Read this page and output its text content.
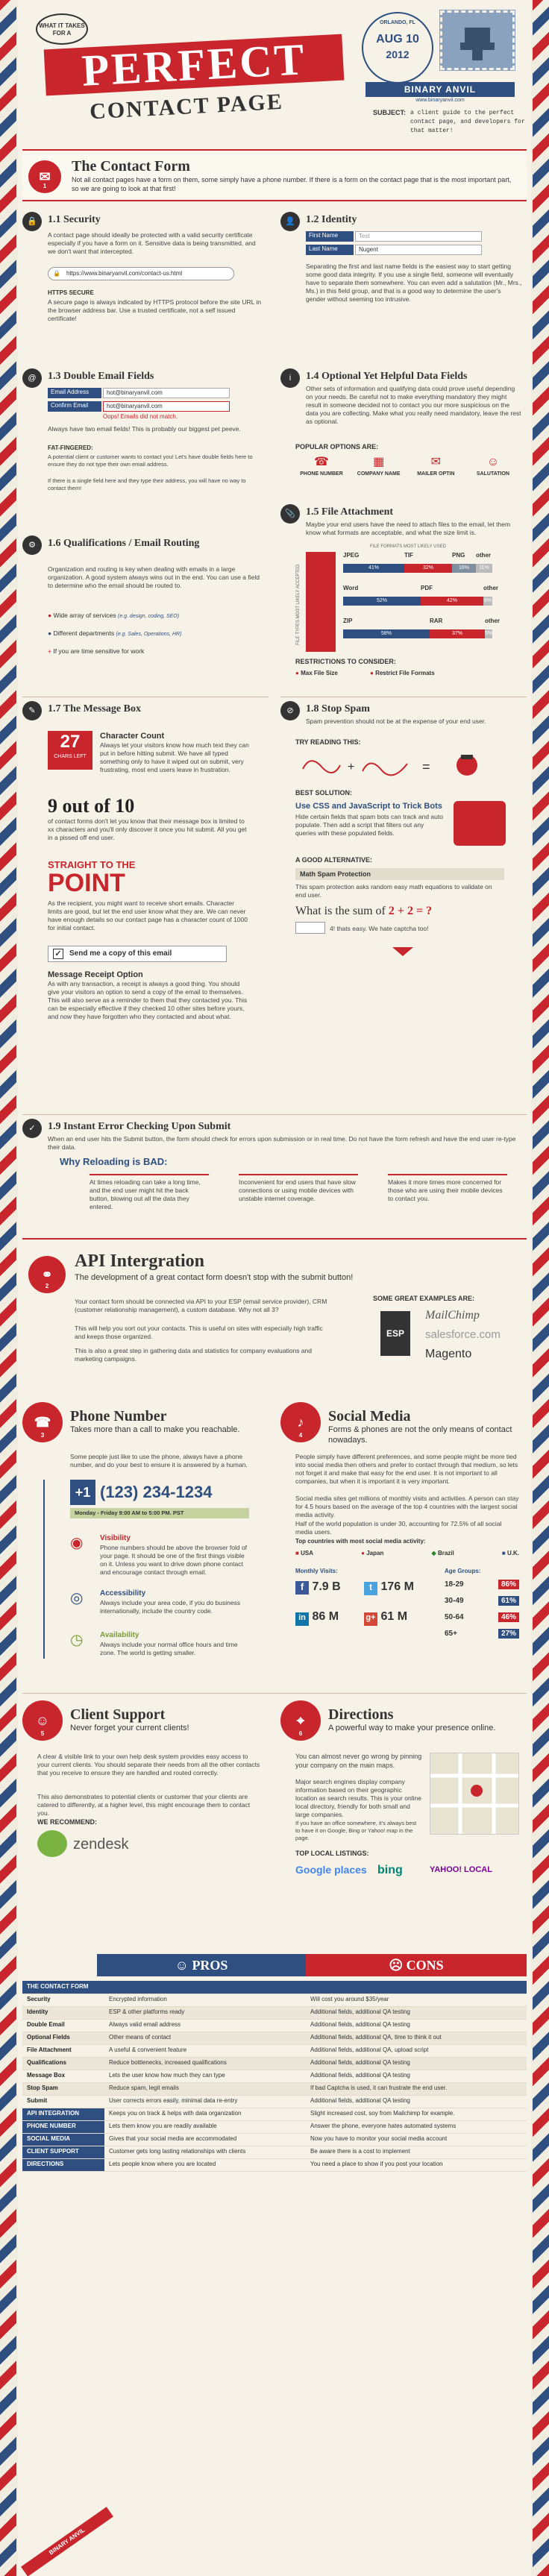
WHAT IT TAKES
FOR A
PERFECT
CONTACT PAGE
ORLANDO, FL
AUG 10
2012
BINARY ANVIL
www.binaryanvil.com
SUBJECT: a client guide to the perfect contact page, and developers for that matter!
✉
1
The Contact Form
Not all contact pages have a form on them, some simply have a phone number. If there is a form on the contact page that is the most important part, so we are going to look at that first!
🔒	1.1 Security
A contact page should ideally be protected with a valid security certificate especially if you have a form on it. Sensitive data is being transmitted, and we don't want that intercepted.
🔒 https://www.binaryanvil.com/contact-us.html
HTTPS SECURE
A secure page is always indicated by HTTPS protocol before the site URL in the browser address bar. Use a trusted certificate, not a self issued certificate!
👤	1.2 Identity
First Name	Test
Last Name	Nugent
Separating the first and last name fields is the easiest way to start getting some good data integrity. If you use a single field, someone will eventually have to separate them somewhere. You can even add a salutation (Mr., Mrs., Ms.) in this field group, and that is a good way to determine the user's gender without seeming too intrusive.
@	1.3 Double Email Fields
Email Address	hot@binaryanvil.com
Confirm Email	hot@binaryanvil.com
Oops! Emails did not match.
Always have two email fields! This is probably our biggest pet peeve.
FAT-FINGERED:
A potential client or customer wants to contact you! Let's have double fields here to ensure they do not type their own email address.
If there is a single field here and they type their address, you will have no way to contact them!
i	1.4 Optional Yet Helpful Data Fields
Other sets of information and qualifying data could prove useful depending on your needs. Be careful not to make everything mandatory they might result in someone decided not to contact you our more suspicious on the data you are collecting. Make what you really need mandatory, leave the rest as optional.
POPULAR OPTIONS ARE:
☎
PHONE NUMBER
▦
COMPANY NAME
✉
MAILER OPTIN
☺
SALUTATION
📎	1.5 File Attachment
Maybe your end users have the need to attach files to the email, let them know what formats are acceptable, and what the size limit is.
FILE FORMATS MOST LIKELY USED
FILE TYPES MOST LIKELY ACCEPTED
JPEG
41%
TIF
32%
PNG
16%
other
11%
Word
52%
PDF
42%
other
6%
ZIP
58%
RAR
37%
other
5%
RESTRICTIONS TO CONSIDER:
● Max File Size	● Restrict File Formats
⚙	1.6 Qualifications / Email Routing
Organization and routing is key when dealing with emails in a large organization. A good system always wins out in the end. You can use a field to determine who the email should be routed to.
● Wide array of services (e.g. design, coding, SEO)
● Different departments (e.g. Sales, Operations, HR)
+ If you are time sensitive for work
✎	1.7 The Message Box
27
CHARS LEFT
Character Count
Always let your visitors know how much text they can put in before hitting submit. We have all typed something only to have it wiped out on submit, very frustrating, most end users leave in frustration.
9 out of 10
of contact forms don't let you know that their message box is limited to xx characters and you'll only discover it once you hit submit. All you get in a pissed off end user.
STRAIGHT TO THE
POINT
As the recipient, you might want to receive short emails. Character limits are good, but let the end user know what they are. We can never have enough details so our contact page has a character count of 1000 for initial contact.
✓ Send me a copy of this email
Message Receipt Option
As with any transaction, a receipt is always a good thing. You should give your visitors an option to send a copy of the email to themselves. This will also serve as a reminder to them that they contacted you. This can be especially effective if they checked 10 other sites before yours, and now they have forgotten who they contacted and about what.
⊘	1.8 Stop Spam
Spam prevention should not be at the expense of your end user.
TRY READING THIS:
+	=
BEST SOLUTION:
Use CSS and JavaScript to Trick Bots
Hide certain fields that spam bots can track and auto populate. Then add a script that filters out any queries with these populated fields.
A GOOD ALTERNATIVE:
Math Spam Protection
This spam protection asks random easy math equations to validate on end user.
What is the sum of 2 + 2 = ?
4! thats easy. We hate captcha too!
✓	1.9 Instant Error Checking Upon Submit
When an end user hits the Submit button, the form should check for errors upon submission or in real time. Do not have the form refresh and have the end user re-type their data.
Why Reloading is BAD:
At times reloading can take a long time, and the end user might hit the back button, blowing out all the data they entered.
Inconvenient for end users that have slow connections or using mobile devices with unstable internet coverage.
Makes it more times more concerned for those who are using their mobile devices to contact you.
⚭
2
API Intergration
The development of a great contact form doesn't stop with the submit button!
Your contact form should be connected via API to your ESP (email service provider), CRM (customer relationship management), a custom database. Why not all 3?
This will help you sort out your contacts. This is useful on sites with especially high traffic and keeps those organized.
This is also a great step in gathering data and statistics for company evaluations and marketing campaigns.
SOME GREAT EXAMPLES ARE:
MailChimp
salesforce.com
Magento
ESP
☎
3
Phone Number
Takes more than a call to make you reachable.
Some people just like to use the phone, always have a phone number, and do your best to ensure it is answered by a human.
+1 (123) 234-1234
Monday - Friday 9:00 AM to 5:00 PM. PST
◉ Visibility
Phone numbers should be above the browser fold of your page. It should be one of the first things visible on it. Unless you want to drive down phone contact and encourage contact through email.
◎ Accessibility
Always include your area code, if you do business internationally, include the country code.
◷ Availability
Always include your normal office hours and time zone. The world is getting smaller.
♪
4
Social Media
Forms & phones are not the only means of contact nowadays.
People simply have different preferences, and some people might be more tied into social media then others and prefer to contact through that medium, so lets not forget it and make that easy for the end user. It is not important to all companies, but when it is important it is very important.
Social media sites get millions of monthly visits and activities. A person can stay for 4.5 hours based on the average of the top 4 countries with the largest social media activity.
Half of the world population is under 30, accounting for 72.5% of all social media users.
Top countries with most social media activity:
■ USA	● Japan	◆ Brazil	■ U.K.
Monthly Visits:
f 7.9 B	t 176 M
in 86 M	g+ 61 M
Age Groups:
18-29	86%
30-49	61%
50-64	46%
65+	27%
☺
5
Client Support
Never forget your current clients!
A clear & visible link to your own help desk system provides easy access to your current clients. You should separate their needs from all the other contacts that you receive to ensure they are handled and routed correctly.
This also demonstrates to potential clients or customer that your clients are catered to differently, at a higher level, this might encourage them to contact you.
WE RECOMMEND:
zendesk
⌖
6
Directions
A powerful way to make your presence online.
You can almost never go wrong by pinning your company on the main maps.
Major search engines display company information based on their geographic location as search results. This is your online local directory, friendly for both small and large companies.
If you have an office somewhere, it's always best to have it on Google, Bing or Yahoo! map in the page.
TOP LOCAL LISTINGS:
Google places bing	YAHOO! LOCAL
☺ PROS	☹ CONS
THE CONTACT FORM		
Security	Encrypted information	Will cost you around $35/year
Identity	ESP & other platforms ready	Additional fields, additional QA testing
Double Email	Always valid email address	Additional fields, additional QA testing
Optional Fields	Other means of contact	Additional fields, additional QA, time to think it out
File Attachment	A useful & convenient feature	Additional fields, additional QA, upload script
Qualifications	Reduce bottlenecks, increased qualifications	Additional fields, additional QA testing
Message Box	Lets the user know how much they can type	Additional fields, additional QA testing
Stop Spam	Reduce spam, legit emails	If bad Captcha is used, it can frustrate the end user.
Submit	User corrects errors easily, minimal data re-entry	Additional fields, additional QA testing
API INTEGRATION	Keeps you on track & helps with data organization	Slight increased cost, soy from Mailchimp for example.
PHONE NUMBER	Lets them know you are readily available	Answer the phone, everyone hates automated systems
SOCIAL MEDIA	Gives that your social media are accommodated	Now you have to monitor your social media account
CLIENT SUPPORT	Customer gets long lasting relationships with clients	Be aware there is a cost to implement
DIRECTIONS	Lets people know where you are located	You need a place to show if you post your location
BINARY ANVIL
